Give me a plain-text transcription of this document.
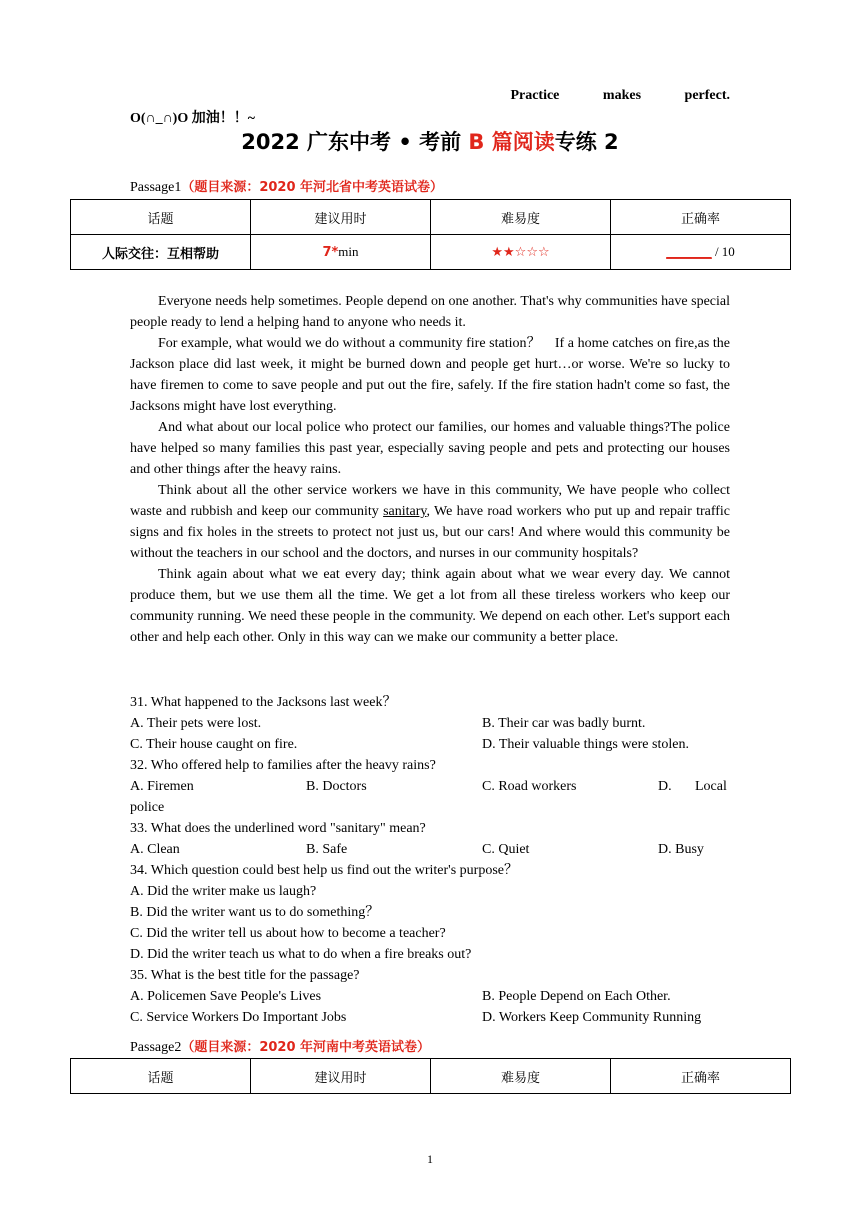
Practice	makes	perfect.
O(∩_∩)O 加油！！~
2022 广东中考 • 考前 B 篇阅读专练 2
Passage1（题目来源：2020 年河北省中考英语试卷）
话题	建议用时	难易度	正确率
人际交往：互相帮助	7*min	★★☆☆☆	_______ / 10

Everyone needs help sometimes. People depend on one another. That's why communities have special people ready to lend a helping hand to anyone who needs it.

For example, what would we do without a community fire station？　If a home catches on fire,as the Jackson place did last week, it might be burned down and people get hurt…or worse. We're so lucky to have firemen to come to save people and put out the fire, safely. If the fire station hadn't come so fast, the Jacksons might have lost everything.

And what about our local police who protect our families, our homes and valuable things?The police have helped so many families this past year, especially saving people and pets and protecting our houses and other things after the heavy rains.

Think about all the other service workers we have in this community, We have people who collect waste and rubbish and keep our community sanitary, We have road workers who put up and repair traffic signs and fix holes in the streets to protect not just us, but our cars! And where would this community be without the teachers in our school and the doctors, and nurses in our community hospitals?

Think again about what we eat every day; think again about what we wear every day. We cannot produce them, but we use them all the time. We get a lot from all these tireless workers who keep our community running. We need these people in the community. We depend on each other. Let's support each other and help each other. Only in this way can we make our community a better place.

31. What happened to the Jacksons last week？
A. Their pets were lost.	B. Their car was badly burnt.
C. Their house caught on fire.	D. Their valuable things were stolen.
32. Who offered help to families after the heavy rains?
A. Firemen	B. Doctors	C. Road workers	D. Local
police
33. What does the underlined word "sanitary" mean?
A. Clean	B. Safe	C. Quiet	D. Busy
34. Which question could best help us find out the writer's purpose？
A. Did the writer make us laugh?
B. Did the writer want us to do something？
C. Did the writer tell us about how to become a teacher?
D. Did the writer teach us what to do when a fire breaks out?
35. What is the best title for the passage?
A. Policemen Save People's Lives	B. People Depend on Each Other.
C. Service Workers Do Important Jobs	D. Workers Keep Community Running
Passage2（题目来源：2020 年河南中考英语试卷）
话题	建议用时	难易度	正确率
1
